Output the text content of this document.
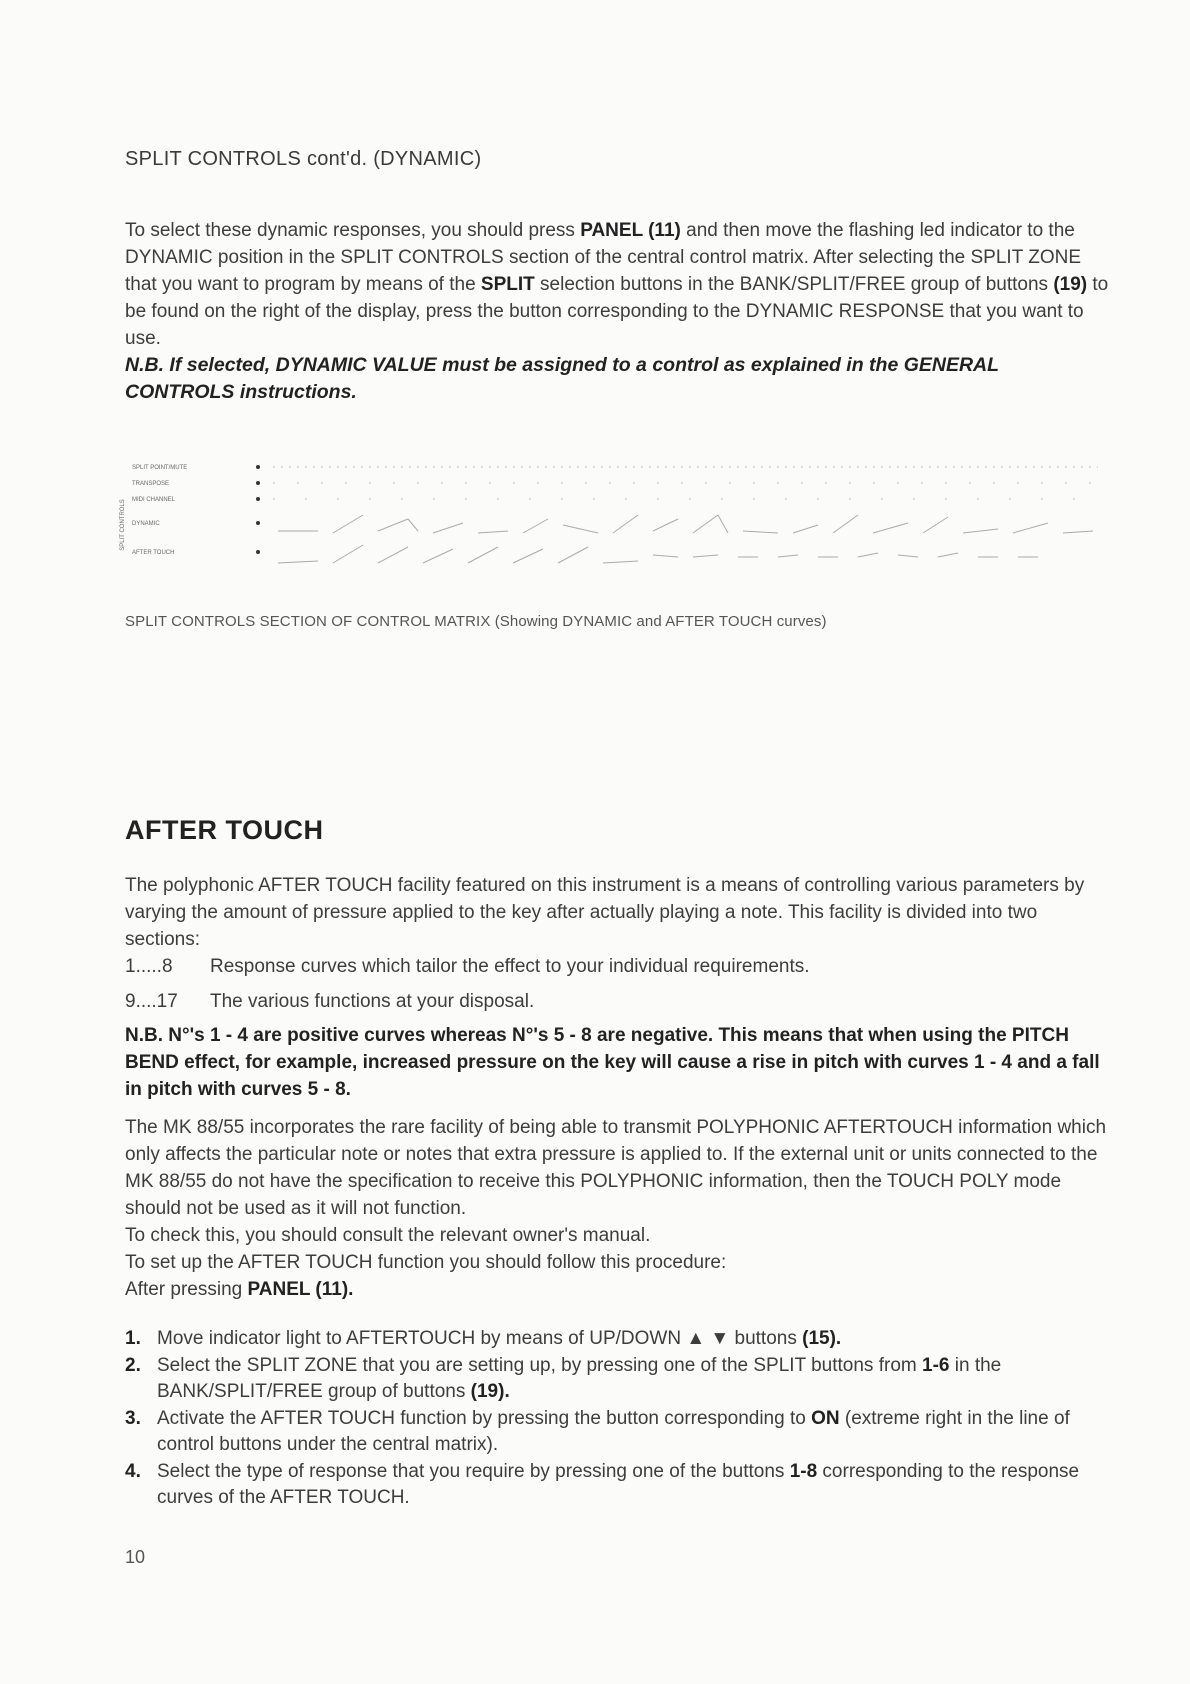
SPLIT CONTROLS cont'd. (DYNAMIC)
To select these dynamic responses, you should press PANEL (11) and then move the flashing led indicator to the DYNAMIC position in the SPLIT CONTROLS section of the central control matrix. After selecting the SPLIT ZONE that you want to program by means of the SPLIT selection buttons in the BANK/SPLIT/FREE group of buttons (19) to be found on the right of the display, press the button corresponding to the DYNAMIC RESPONSE that you want to use.
N.B. If selected, DYNAMIC VALUE must be assigned to a control as explained in the GENERAL CONTROLS instructions.
SPLIT CONTROLS
SPLIT POINT/MUTE
TRANSPOSE
MIDI CHANNEL
DYNAMIC
AFTER TOUCH
SPLIT CONTROLS SECTION OF CONTROL MATRIX (Showing DYNAMIC and AFTER TOUCH curves)
AFTER TOUCH
The polyphonic AFTER TOUCH facility featured on this instrument is a means of controlling various parameters by varying the amount of pressure applied to the key after actually playing a note. This facility is divided into two sections:
1.....8 Response curves which tailor the effect to your individual requirements.
9....17 The various functions at your disposal.
N.B. N°'s 1 - 4 are positive curves whereas N°'s 5 - 8 are negative. This means that when using the PITCH BEND effect, for example, increased pressure on the key will cause a rise in pitch with curves 1 - 4 and a fall in pitch with curves 5 - 8.
The MK 88/55 incorporates the rare facility of being able to transmit POLYPHONIC AFTERTOUCH information which only affects the particular note or notes that extra pressure is applied to. If the external unit or units connected to the MK 88/55 do not have the specification to receive this POLYPHONIC information, then the TOUCH POLY mode should not be used as it will not function.
To check this, you should consult the relevant owner's manual.
To set up the AFTER TOUCH function you should follow this procedure:
After pressing PANEL (11).
1. Move indicator light to AFTERTOUCH by means of UP/DOWN ▲ ▼ buttons (15).
2. Select the SPLIT ZONE that you are setting up, by pressing one of the SPLIT buttons from 1-6 in the BANK/SPLIT/FREE group of buttons (19).
3. Activate the AFTER TOUCH function by pressing the button corresponding to ON (extreme right in the line of control buttons under the central matrix).
4. Select the type of response that you require by pressing one of the buttons 1-8 corresponding to the response curves of the AFTER TOUCH.
10
